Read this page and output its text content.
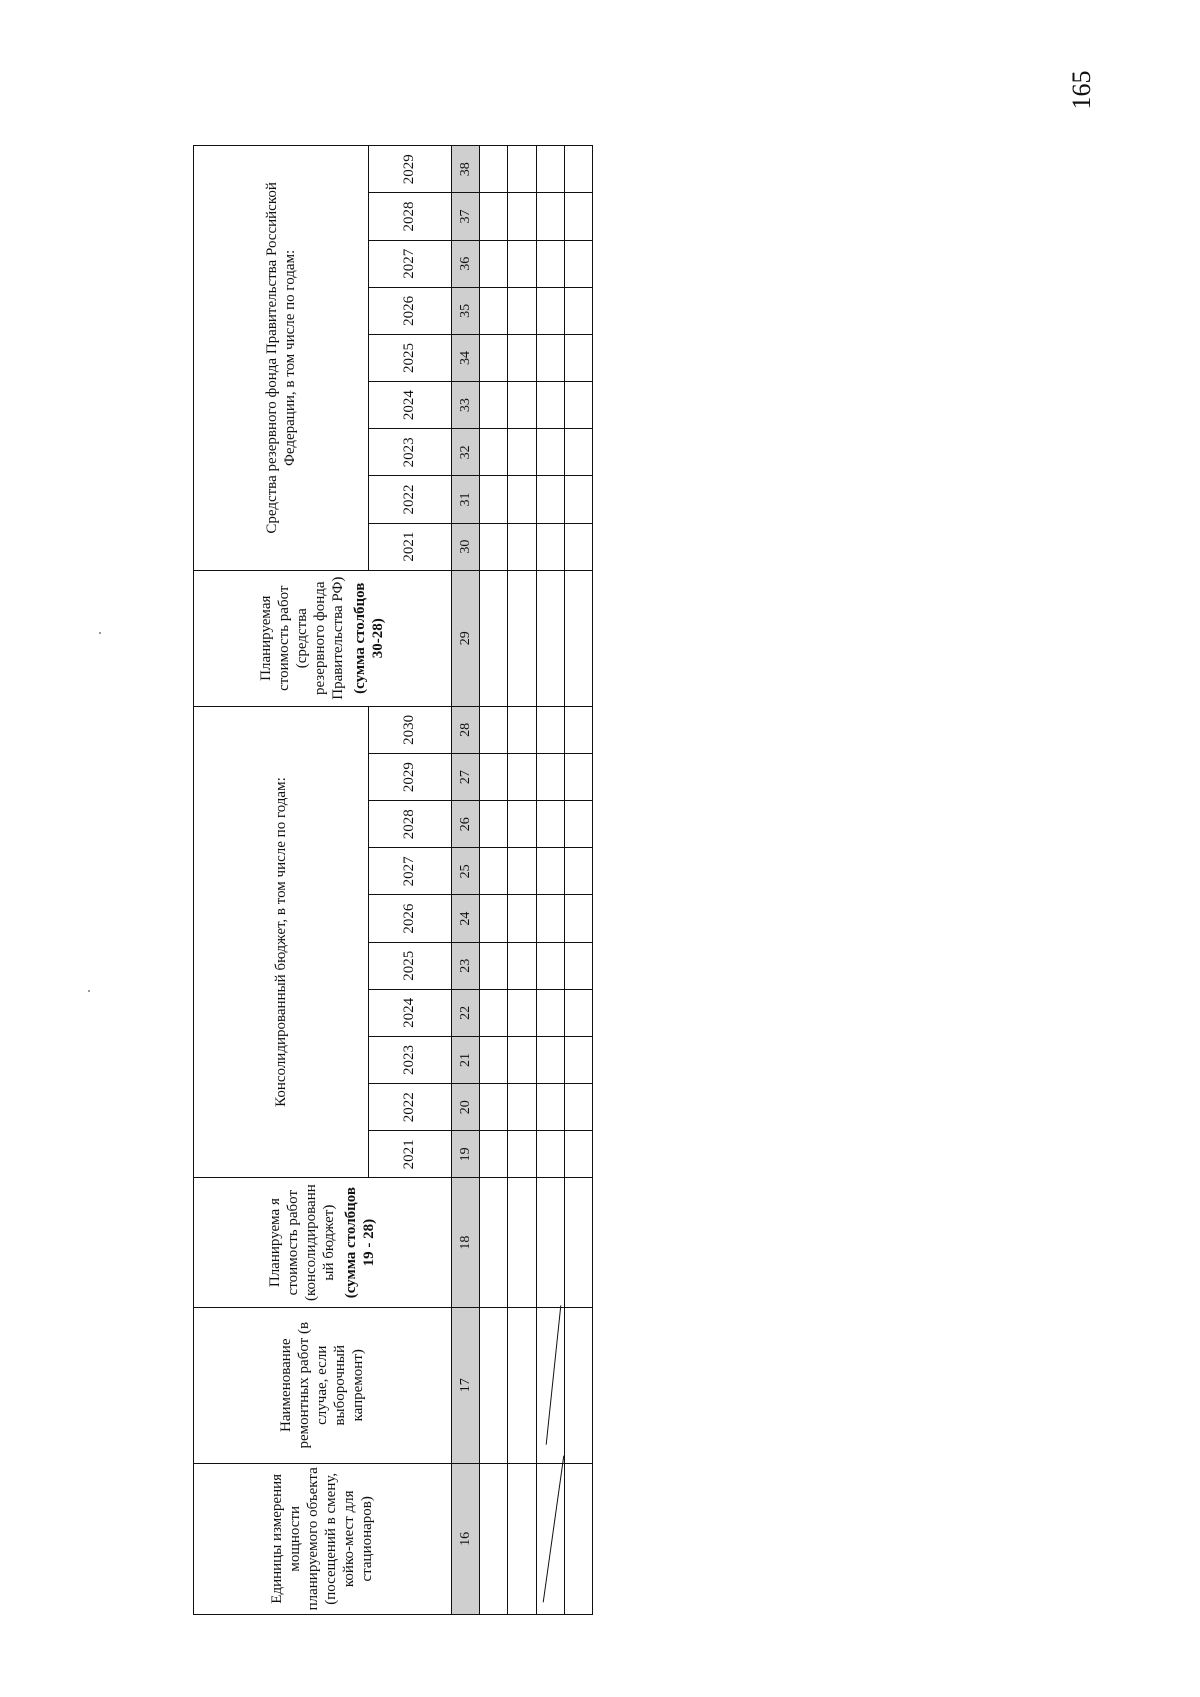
165
Единицы измерения мощности планируемого объекта (посещений в смену, койко-мест для стационаров)	Наименование ремонтных работ (в случае, если выборочный капремонт)	Планируема я стоимость работ (консолидированн ый бюджет) (сумма столбцов 19 - 28)	Консолидированный бюджет, в том числе по годам:										Планируемая стоимость работ (средства резервного фонда Правительства РФ) (сумма столбцов 30-28)	Средства резервного фонда Правительства Российской Федерации, в том числе по годам:								

			2021	2022	2023	2024	2025	2026	2027	2028	2029	2030		2021	2022	2023	2024	2025	2026	2027	2028	2029
16	17	18	19	20	21	22	23	24	25	26	27	28	29	30	31	32	33	34	35	36	37	38
